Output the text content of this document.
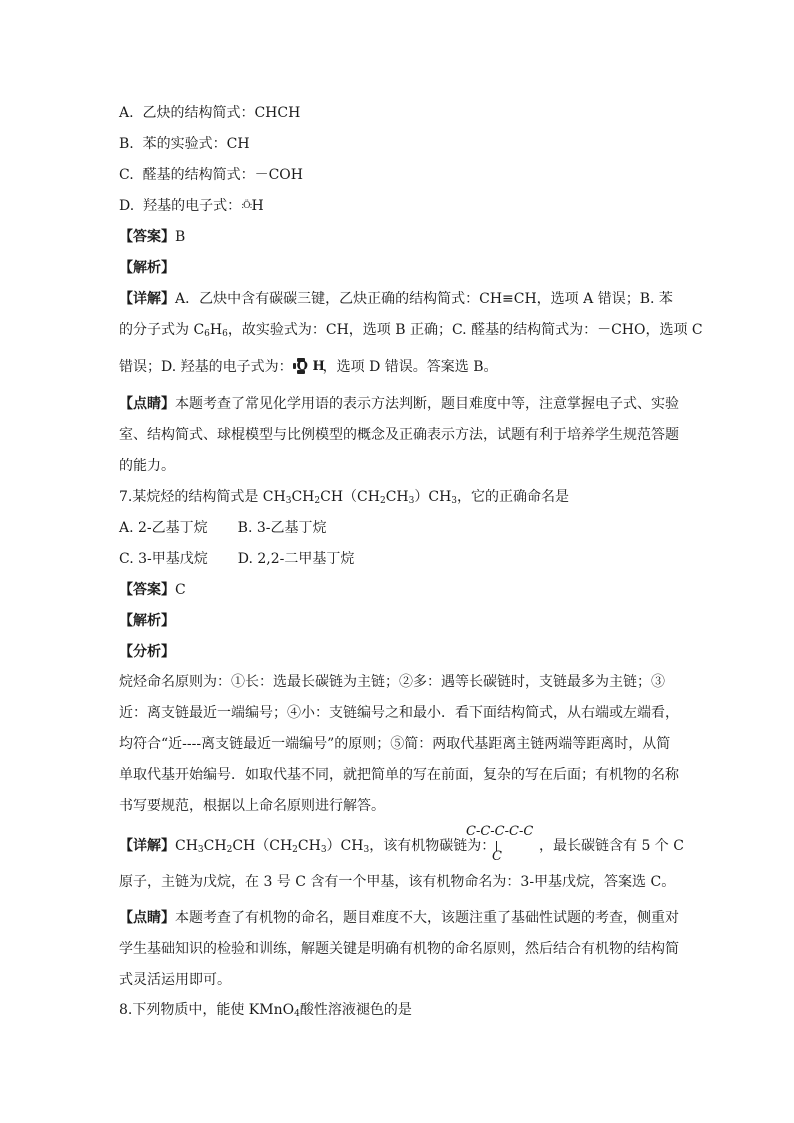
A. 乙炔的结构简式：CHCH
B. 苯的实验式：CH
C. 醛基的结构简式：－COH
D. 羟基的电子式：:Ö:H
【答案】B
【解析】
【详解】A．乙炔中含有碳碳三键，乙炔正确的结构简式：CH≡CH，选项 A 错误；B. 苯
的分子式为 $C_6H_6$，故实验式为：CH，选项 B 正确；C. 醛基的结构简式为：－CHO，选项 C
错误；D. 羟基的电子式为： O H
，选项 D 错误。答案选 B。
【点睛】本题考查了常见化学用语的表示方法判断，题目难度中等，注意掌握电子式、实验室、结构简式、球棍模型与比例模型的概念及正确表示方法，试题有利于培养学生规范答题的能力。
7.某烷烃的结构简式是 $CH_3CH_2CH(CH_2CH_3)CH_3$，它的正确命名是
A. 2-乙基丁烷 B. 3-乙基丁烷
C. 3-甲基戊烷 D. 2,2-二甲基丁烷
【答案】C
【解析】
【分析】
烷烃命名原则为：①长：选最长碳链为主链；②多：遇等长碳链时，支链最多为主链；③近：离支链最近一端编号；④小：支链编号之和最小．看下面结构简式，从右端或左端看，均符合“近----离支链最近一端编号”的原则；⑤简：两取代基距离主链两端等距离时，从简单取代基开始编号．如取代基不同，就把简单的写在前面，复杂的写在后面；有机物的名称书写要规范，根据以上命名原则进行解答。
【详解】$CH_3CH_2CH(CH_2CH_3)CH_3$，该有机物碳链为：
C-C-C-C-C
C
，最长碳链含有 5 个 C
原子，主链为戊烷，在 3 号 C 含有一个甲基，该有机物命名为：3-甲基戊烷，答案选 C。
【点睛】本题考查了有机物的命名，题目难度不大，该题注重了基础性试题的考查，侧重对学生基础知识的检验和训练，解题关键是明确有机物的命名原则，然后结合有机物的结构简式灵活运用即可。
8.下列物质中，能使 KMnO$_4$酸性溶液褪色的是
